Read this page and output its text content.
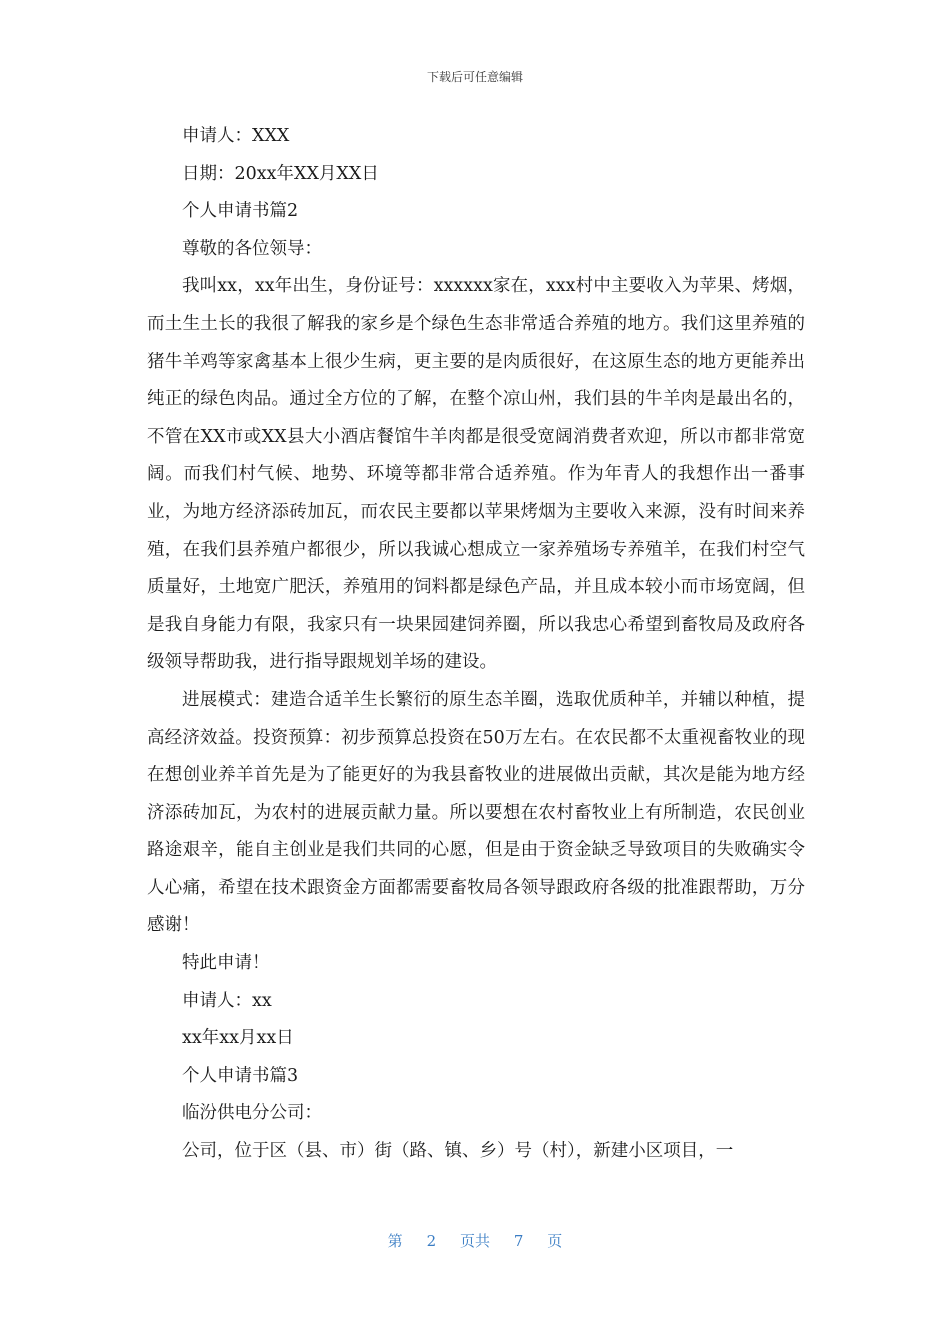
下载后可任意编辑

申请人：XXX

日期：20xx年XX月XX日

个人申请书篇2

尊敬的各位领导：

我叫xx，xx年出生，身份证号：xxxxxx家在，xxx村中主要收入为苹果、烤烟，而土生土长的我很了解我的家乡是个绿色生态非常适合养殖的地方。我们这里养殖的猪牛羊鸡等家禽基本上很少生病，更主要的是肉质很好，在这原生态的地方更能养出纯正的绿色肉品。通过全方位的了解，在整个凉山州，我们县的牛羊肉是最出名的，不管在XX市或XX县大小酒店餐馆牛羊肉都是很受宽阔消费者欢迎，所以市都非常宽阔。而我们村气候、地势、环境等都非常合适养殖。作为年青人的我想作出一番事业，为地方经济添砖加瓦，而农民主要都以苹果烤烟为主要收入来源，没有时间来养殖，在我们县养殖户都很少，所以我诚心想成立一家养殖场专养殖羊，在我们村空气质量好，土地宽广肥沃，养殖用的饲料都是绿色产品，并且成本较小而市场宽阔，但是我自身能力有限，我家只有一块果园建饲养圈，所以我忠心希望到畜牧局及政府各级领导帮助我，进行指导跟规划羊场的建设。

进展模式：建造合适羊生长繁衍的原生态羊圈，选取优质种羊，并辅以种植，提高经济效益。投资预算：初步预算总投资在50万左右。在农民都不太重视畜牧业的现在想创业养羊首先是为了能更好的为我县畜牧业的进展做出贡献，其次是能为地方经济添砖加瓦，为农村的进展贡献力量。所以要想在农村畜牧业上有所制造，农民创业路途艰辛，能自主创业是我们共同的心愿，但是由于资金缺乏导致项目的失败确实令人心痛，希望在技术跟资金方面都需要畜牧局各领导跟政府各级的批准跟帮助，万分感谢！

特此申请！

申请人：xx

xx年xx月xx日

个人申请书篇3

临汾供电分公司：

公司，位于区（县、市）街（路、镇、乡）号（村），新建小区项目，一

第 2 页共 7 页
